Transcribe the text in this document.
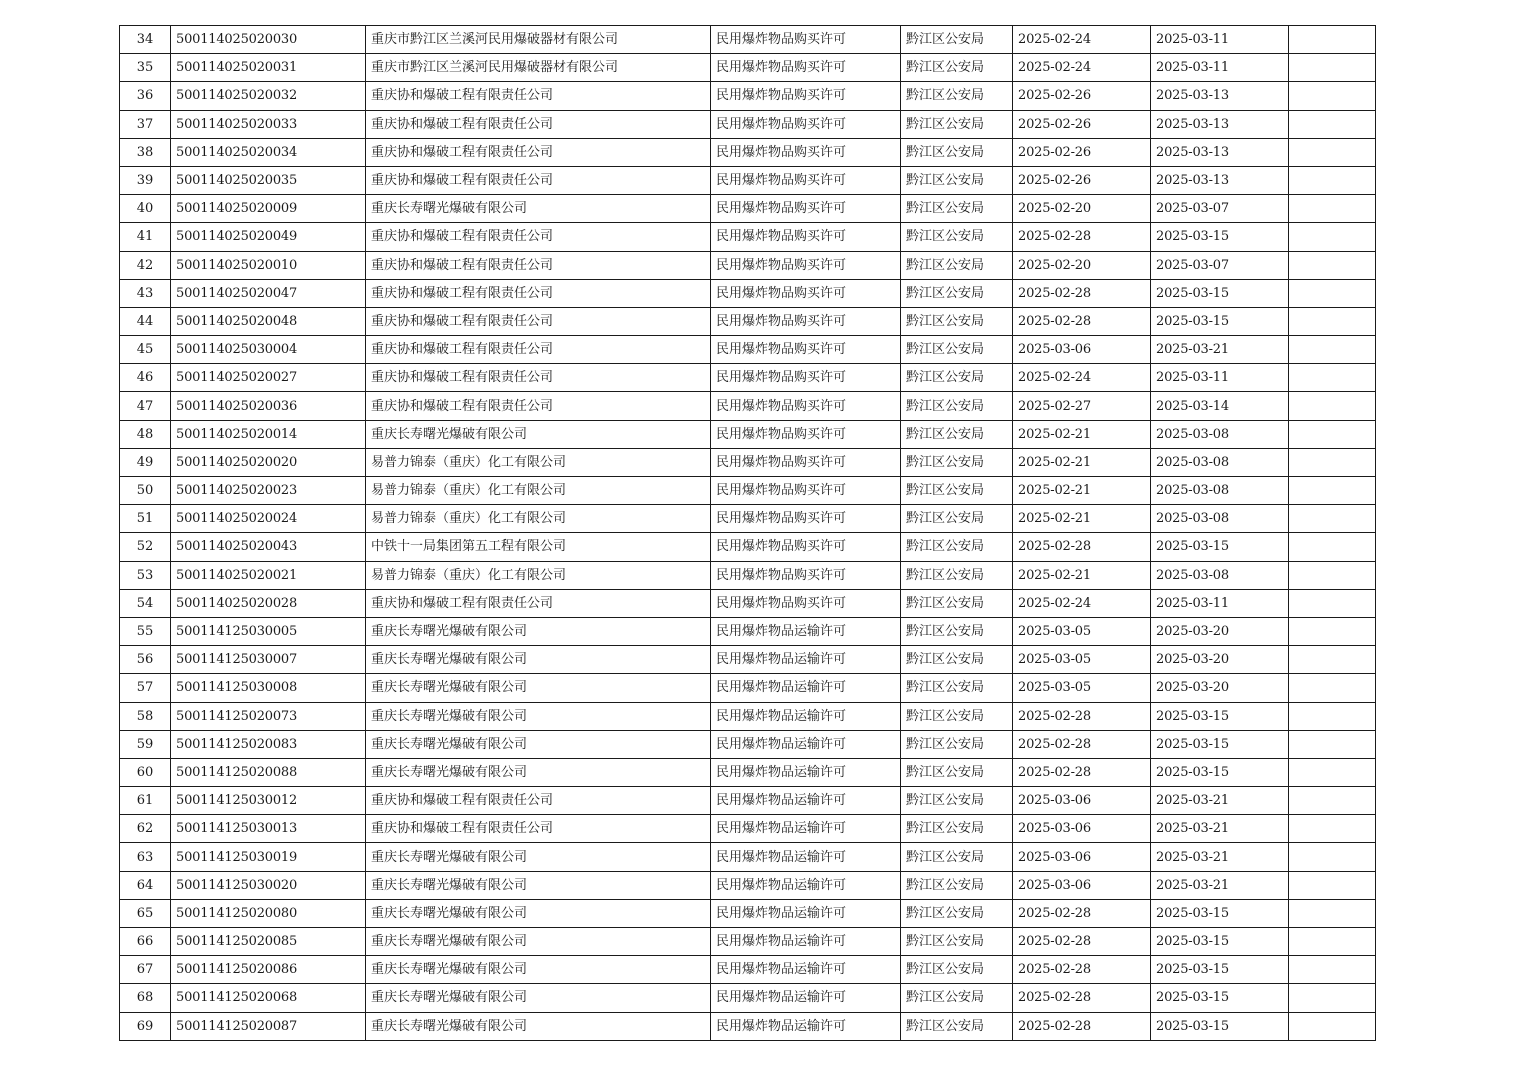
34	500114025020030	重庆市黔江区兰溪河民用爆破器材有限公司	民用爆炸物品购买许可	黔江区公安局	2025-02-24	2025-03-11	
35	500114025020031	重庆市黔江区兰溪河民用爆破器材有限公司	民用爆炸物品购买许可	黔江区公安局	2025-02-24	2025-03-11	
36	500114025020032	重庆协和爆破工程有限责任公司	民用爆炸物品购买许可	黔江区公安局	2025-02-26	2025-03-13	
37	500114025020033	重庆协和爆破工程有限责任公司	民用爆炸物品购买许可	黔江区公安局	2025-02-26	2025-03-13	
38	500114025020034	重庆协和爆破工程有限责任公司	民用爆炸物品购买许可	黔江区公安局	2025-02-26	2025-03-13	
39	500114025020035	重庆协和爆破工程有限责任公司	民用爆炸物品购买许可	黔江区公安局	2025-02-26	2025-03-13	
40	500114025020009	重庆长寿曙光爆破有限公司	民用爆炸物品购买许可	黔江区公安局	2025-02-20	2025-03-07	
41	500114025020049	重庆协和爆破工程有限责任公司	民用爆炸物品购买许可	黔江区公安局	2025-02-28	2025-03-15	
42	500114025020010	重庆协和爆破工程有限责任公司	民用爆炸物品购买许可	黔江区公安局	2025-02-20	2025-03-07	
43	500114025020047	重庆协和爆破工程有限责任公司	民用爆炸物品购买许可	黔江区公安局	2025-02-28	2025-03-15	
44	500114025020048	重庆协和爆破工程有限责任公司	民用爆炸物品购买许可	黔江区公安局	2025-02-28	2025-03-15	
45	500114025030004	重庆协和爆破工程有限责任公司	民用爆炸物品购买许可	黔江区公安局	2025-03-06	2025-03-21	
46	500114025020027	重庆协和爆破工程有限责任公司	民用爆炸物品购买许可	黔江区公安局	2025-02-24	2025-03-11	
47	500114025020036	重庆协和爆破工程有限责任公司	民用爆炸物品购买许可	黔江区公安局	2025-02-27	2025-03-14	
48	500114025020014	重庆长寿曙光爆破有限公司	民用爆炸物品购买许可	黔江区公安局	2025-02-21	2025-03-08	
49	500114025020020	易普力锦泰（重庆）化工有限公司	民用爆炸物品购买许可	黔江区公安局	2025-02-21	2025-03-08	
50	500114025020023	易普力锦泰（重庆）化工有限公司	民用爆炸物品购买许可	黔江区公安局	2025-02-21	2025-03-08	
51	500114025020024	易普力锦泰（重庆）化工有限公司	民用爆炸物品购买许可	黔江区公安局	2025-02-21	2025-03-08	
52	500114025020043	中铁十一局集团第五工程有限公司	民用爆炸物品购买许可	黔江区公安局	2025-02-28	2025-03-15	
53	500114025020021	易普力锦泰（重庆）化工有限公司	民用爆炸物品购买许可	黔江区公安局	2025-02-21	2025-03-08	
54	500114025020028	重庆协和爆破工程有限责任公司	民用爆炸物品购买许可	黔江区公安局	2025-02-24	2025-03-11	
55	500114125030005	重庆长寿曙光爆破有限公司	民用爆炸物品运输许可	黔江区公安局	2025-03-05	2025-03-20	
56	500114125030007	重庆长寿曙光爆破有限公司	民用爆炸物品运输许可	黔江区公安局	2025-03-05	2025-03-20	
57	500114125030008	重庆长寿曙光爆破有限公司	民用爆炸物品运输许可	黔江区公安局	2025-03-05	2025-03-20	
58	500114125020073	重庆长寿曙光爆破有限公司	民用爆炸物品运输许可	黔江区公安局	2025-02-28	2025-03-15	
59	500114125020083	重庆长寿曙光爆破有限公司	民用爆炸物品运输许可	黔江区公安局	2025-02-28	2025-03-15	
60	500114125020088	重庆长寿曙光爆破有限公司	民用爆炸物品运输许可	黔江区公安局	2025-02-28	2025-03-15	
61	500114125030012	重庆协和爆破工程有限责任公司	民用爆炸物品运输许可	黔江区公安局	2025-03-06	2025-03-21	
62	500114125030013	重庆协和爆破工程有限责任公司	民用爆炸物品运输许可	黔江区公安局	2025-03-06	2025-03-21	
63	500114125030019	重庆长寿曙光爆破有限公司	民用爆炸物品运输许可	黔江区公安局	2025-03-06	2025-03-21	
64	500114125030020	重庆长寿曙光爆破有限公司	民用爆炸物品运输许可	黔江区公安局	2025-03-06	2025-03-21	
65	500114125020080	重庆长寿曙光爆破有限公司	民用爆炸物品运输许可	黔江区公安局	2025-02-28	2025-03-15	
66	500114125020085	重庆长寿曙光爆破有限公司	民用爆炸物品运输许可	黔江区公安局	2025-02-28	2025-03-15	
67	500114125020086	重庆长寿曙光爆破有限公司	民用爆炸物品运输许可	黔江区公安局	2025-02-28	2025-03-15	
68	500114125020068	重庆长寿曙光爆破有限公司	民用爆炸物品运输许可	黔江区公安局	2025-02-28	2025-03-15	
69	500114125020087	重庆长寿曙光爆破有限公司	民用爆炸物品运输许可	黔江区公安局	2025-02-28	2025-03-15	
